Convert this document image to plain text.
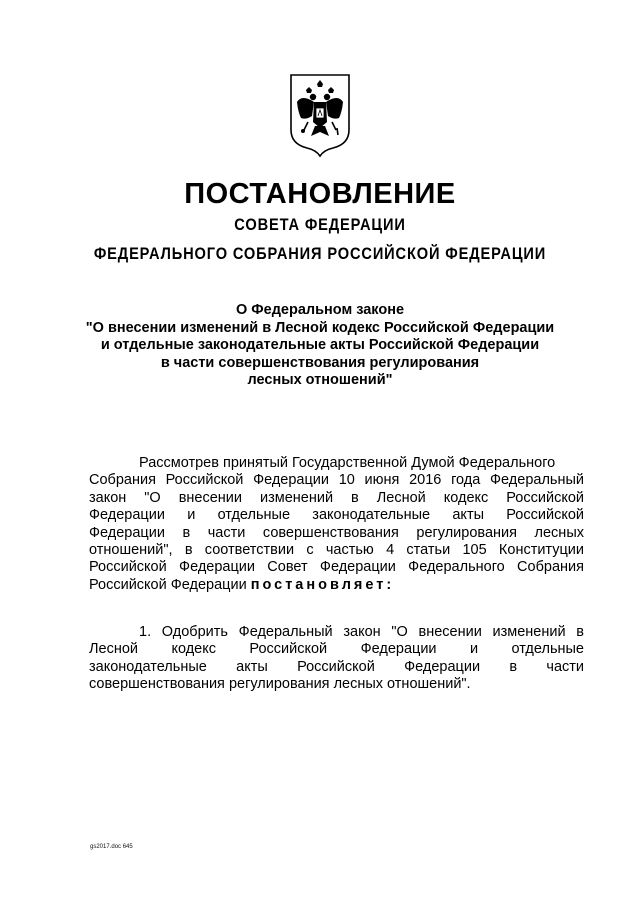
ПОСТАНОВЛЕНИЕ
СОВЕТА ФЕДЕРАЦИИ
ФЕДЕРАЛЬНОГО СОБРАНИЯ РОССИЙСКОЙ ФЕДЕРАЦИИ
О Федеральном законе
"О внесении изменений в Лесной кодекс Российской Федерации
и отдельные законодательные акты Российской Федерации
в части совершенствования регулирования
лесных отношений"
Рассмотрев принятый Государственной Думой Федерального
Собрания Российской Федерации 10 июня 2016 года Федеральный
закон "О внесении изменений в Лесной кодекс Российской
Федерации и отдельные законодательные акты Российской
Федерации в части совершенствования регулирования лесных
отношений", в соответствии с частью 4 статьи 105 Конституции
Российской Федерации Совет Федерации Федерального Собрания
Российской Федерации постановляет:
1. Одобрить Федеральный закон "О внесении изменений в
Лесной кодекс Российской Федерации и отдельные
законодательные акты Российской Федерации в части
совершенствования регулирования лесных отношений".
gs2017.doc 645
